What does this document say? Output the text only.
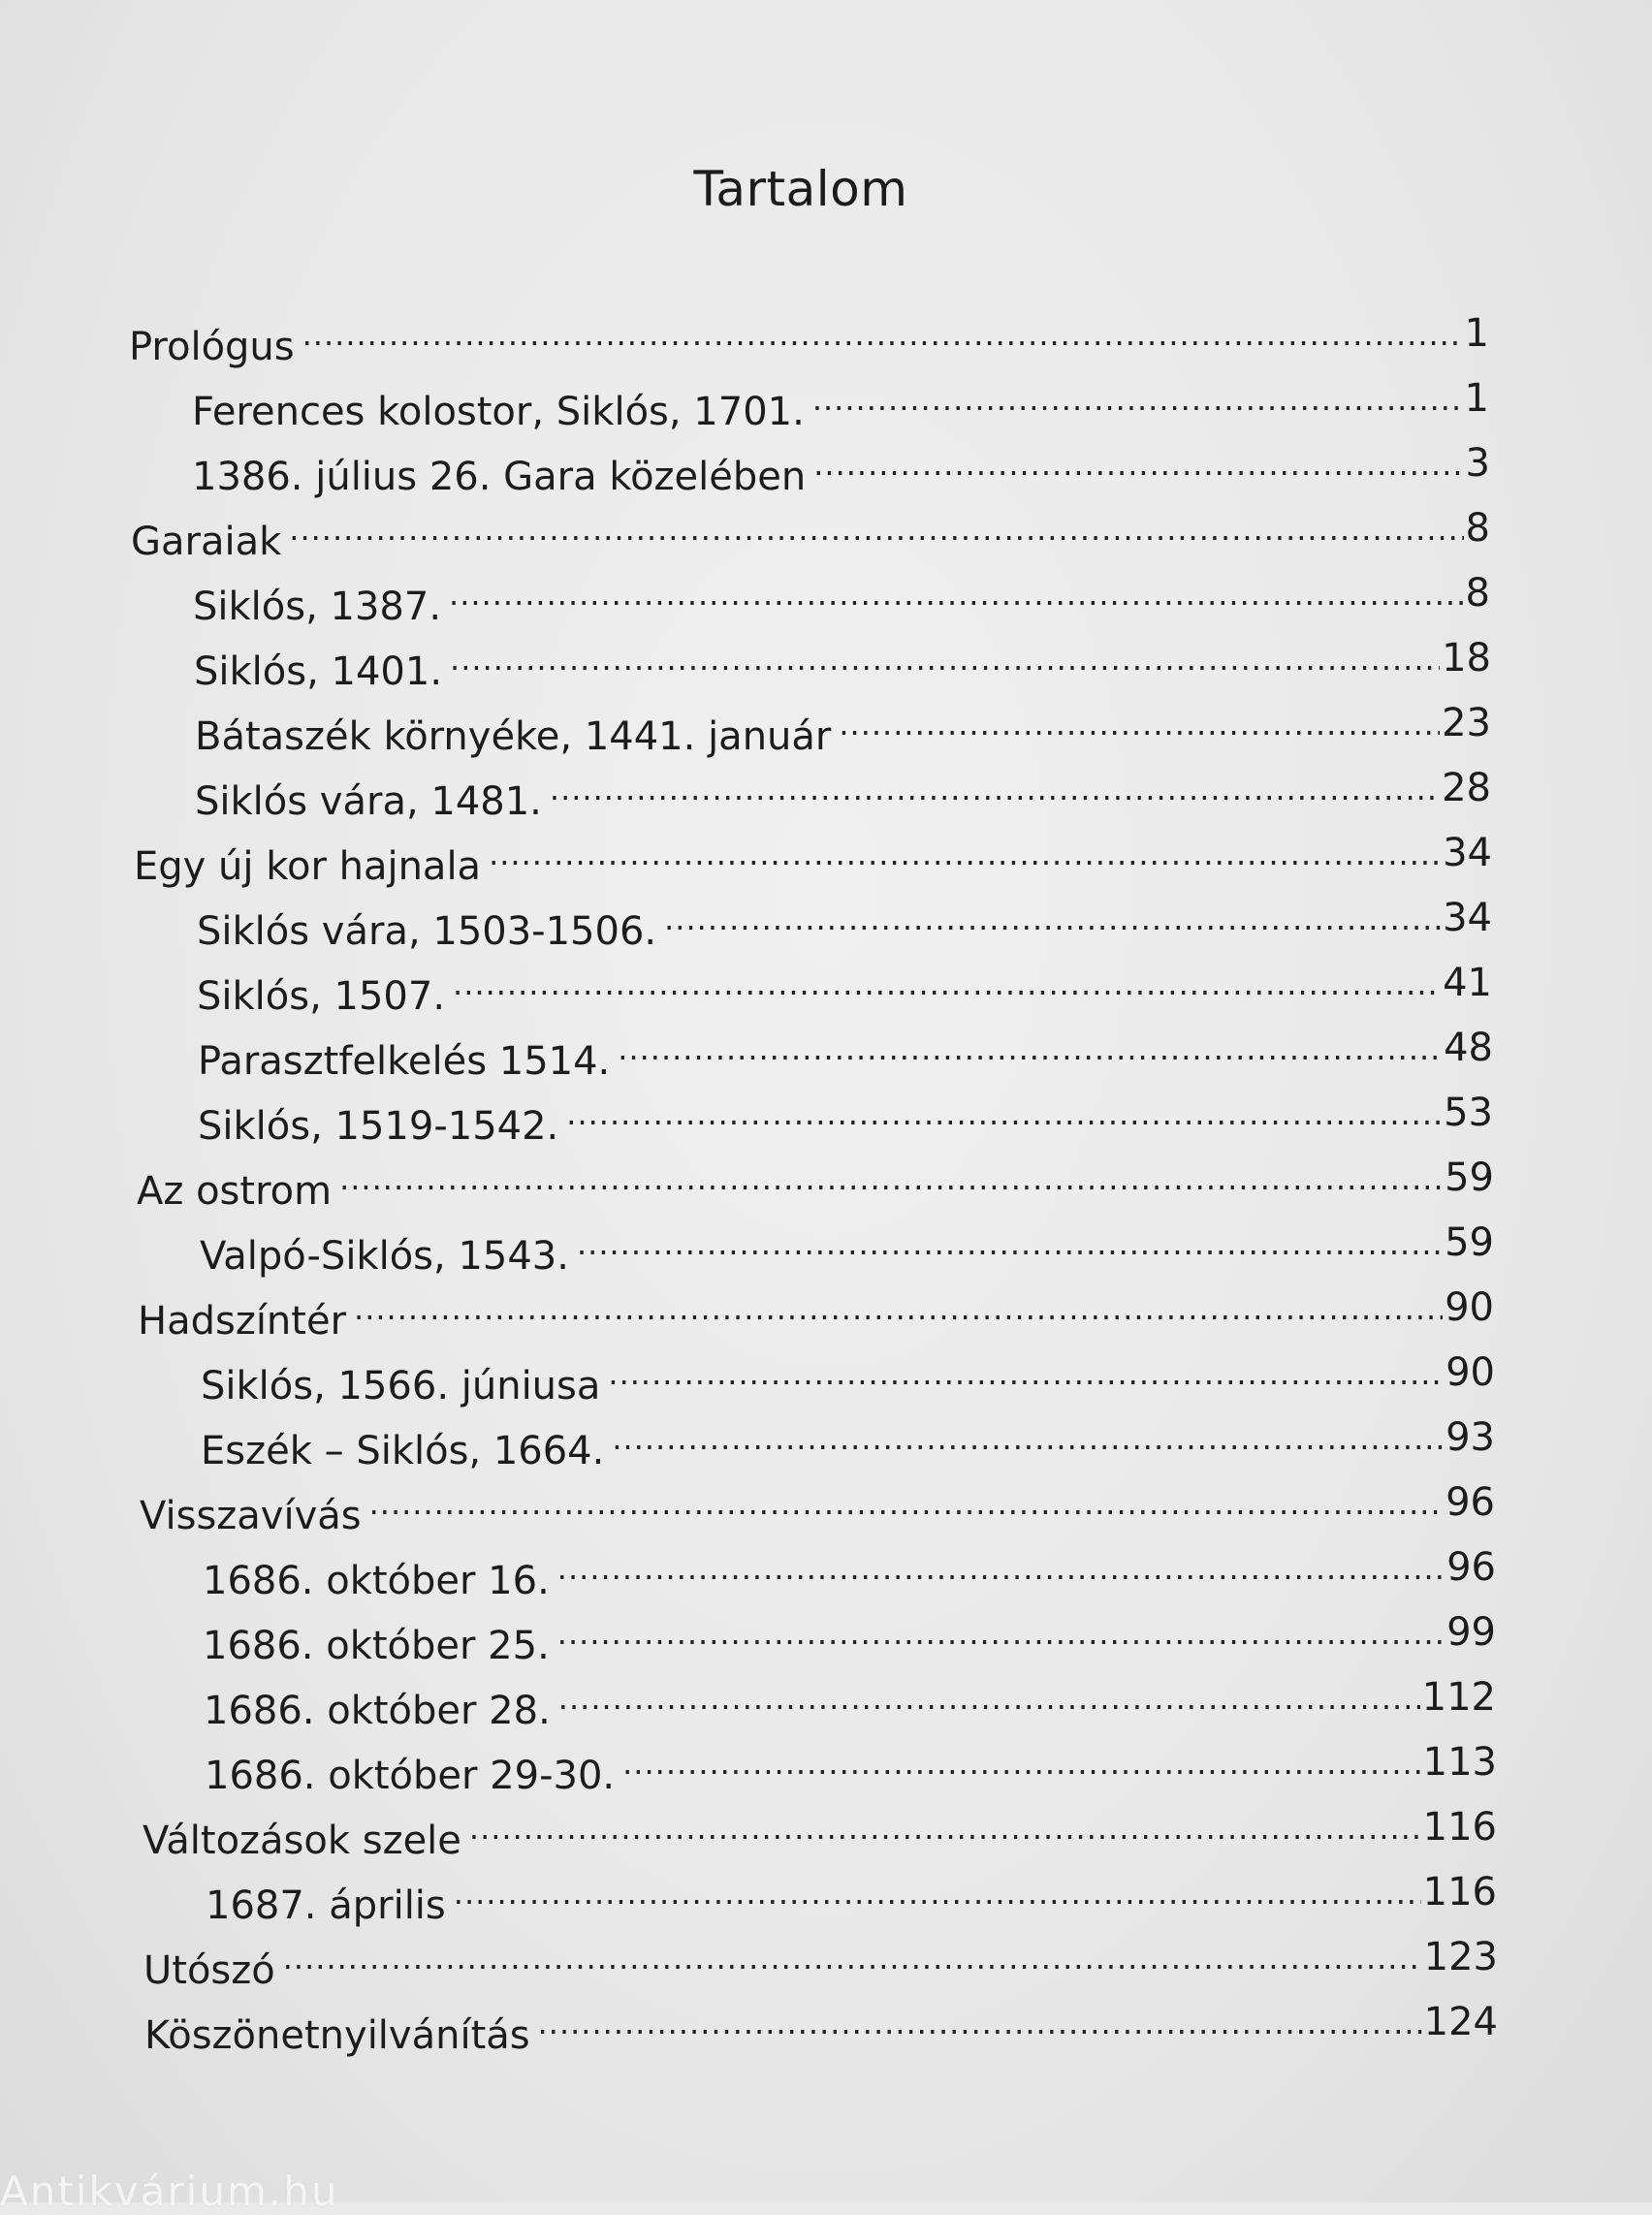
Tartalom
Prológus .....	1
Ferences kolostor, Siklós, 1701. .....	1
1386. július 26. Gara közelében .....	3
Garaiak .....	8
Siklós, 1387. .....	8
Siklós, 1401. .....	18
Bátaszék környéke, 1441. január .....	23
Siklós vára, 1481. .....	28
Egy új kor hajnala .....	34
Siklós vára, 1503-1506. .....	34
Siklós, 1507. .....	41
Parasztfelkelés 1514. .....	48
Siklós, 1519-1542. .....	53
Az ostrom .....	59
Valpó-Siklós, 1543. .....	59
Hadszíntér .....	90
Siklós, 1566. júniusa .....	90
Eszék – Siklós, 1664. .....	93
Visszavívás .....	96
1686. október 16. .....	96
1686. október 25. .....	99
1686. október 28. .....	112
1686. október 29-30. .....	113
Változások szele .....	116
1687. április .....	116
Utószó .....	123
Köszönetnyilvánítás .....	124
Antikvárium.hu
